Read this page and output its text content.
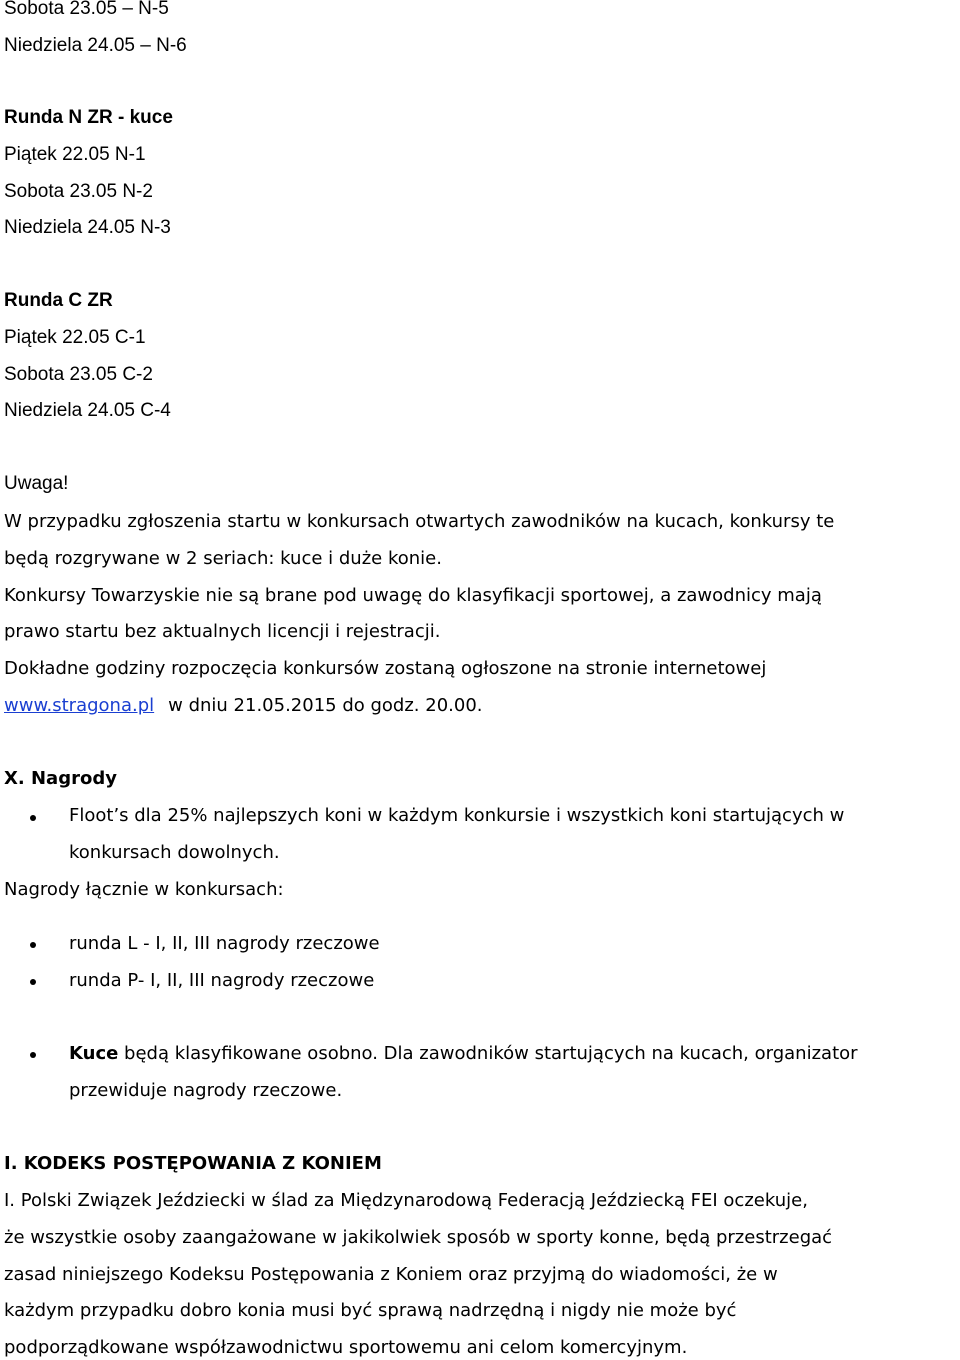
Sobota 23.05 – N-5
Niedziela 24.05 – N-6
Runda N ZR - kuce
Piątek 22.05 N-1
Sobota 23.05 N-2
Niedziela 24.05 N-3
Runda C ZR
Piątek 22.05 C-1
Sobota 23.05 C-2
Niedziela 24.05 C-4
Uwaga!
W przypadku zgłoszenia startu w konkursach otwartych zawodników na kucach, konkursy te
będą rozgrywane w 2 seriach: kuce i duże konie.
Konkursy Towarzyskie nie są brane pod uwagę do klasyfikacji sportowej, a zawodnicy mają
prawo startu bez aktualnych licencji i rejestracji.
Dokładne godziny rozpoczęcia konkursów zostaną ogłoszone na stronie internetowej
www.stragona.pl w dniu 21.05.2015 do godz. 20.00.
X. Nagrody
Floot’s dla 25% najlepszych koni w każdym konkursie i wszystkich koni startujących w
konkursach dowolnych.
Nagrody łącznie w konkursach:
runda L - I, II, III nagrody rzeczowe
runda P- I, II, III nagrody rzeczowe
Kuce będą klasyfikowane osobno. Dla zawodników startujących na kucach, organizator
przewiduje nagrody rzeczowe.
I. KODEKS POSTĘPOWANIA Z KONIEM
I. Polski Związek Jeździecki w ślad za Międzynarodową Federacją Jeździecką FEI oczekuje,
że wszystkie osoby zaangażowane w jakikolwiek sposób w sporty konne, będą przestrzegać
zasad niniejszego Kodeksu Postępowania z Koniem oraz przyjmą do wiadomości, że w
każdym przypadku dobro konia musi być sprawą nadrzędną i nigdy nie może być
podporządkowane współzawodnictwu sportowemu ani celom komercyjnym.
